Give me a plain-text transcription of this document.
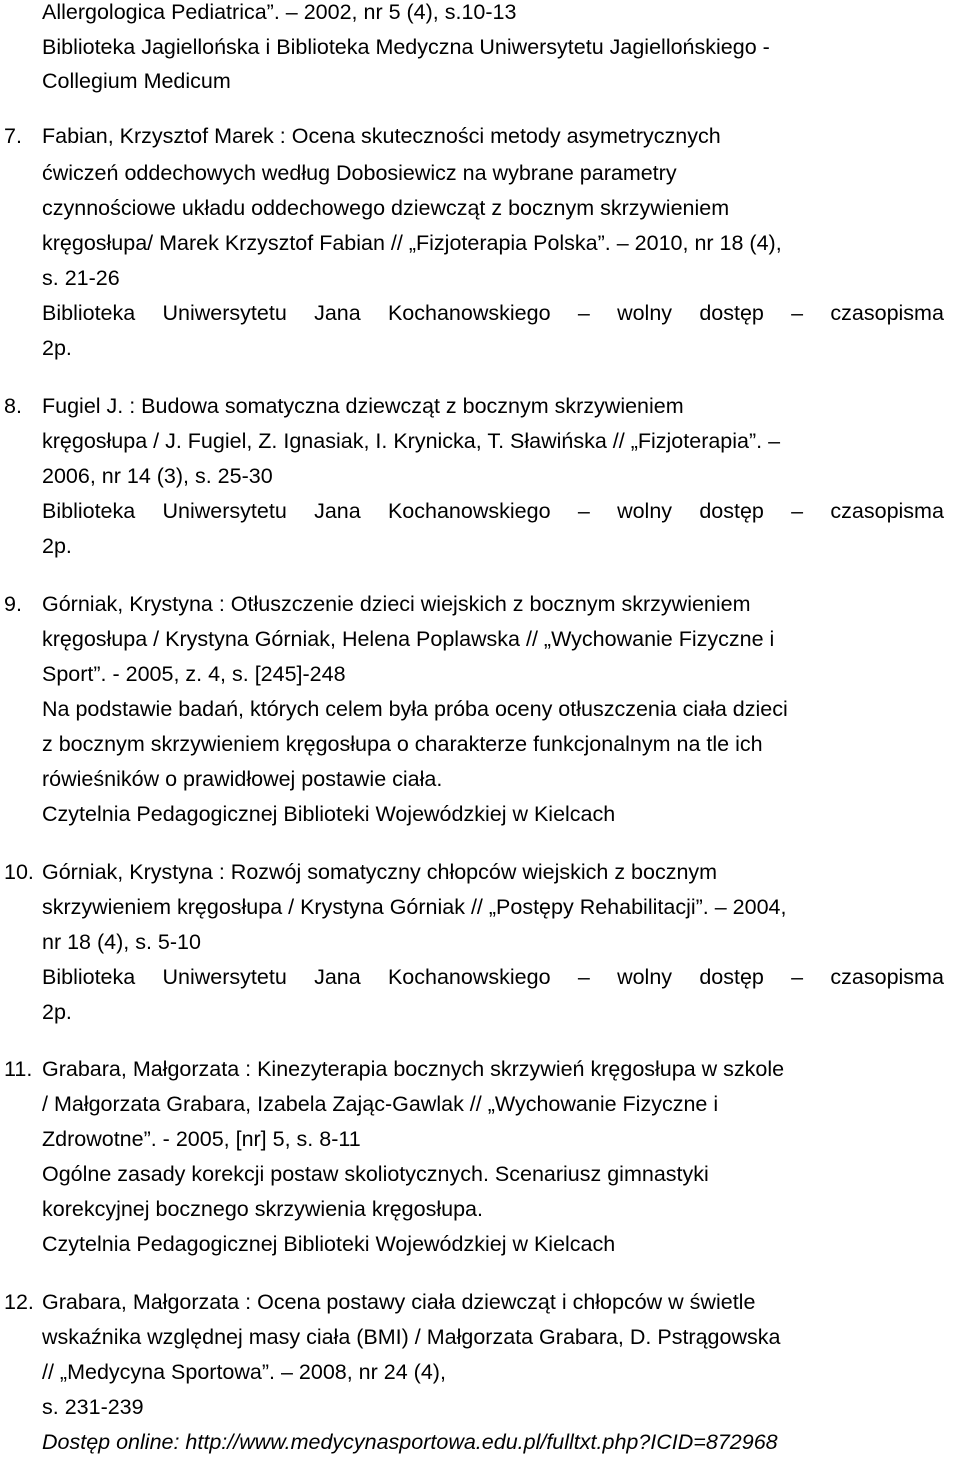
Allergologica Pediatrica”. – 2002, nr 5 (4), s.10-13
Biblioteka Jagiellońska i Biblioteka Medyczna Uniwersytetu Jagiellońskiego -
Collegium Medicum
7. Fabian, Krzysztof Marek : Ocena skuteczności metody asymetrycznych
ćwiczeń oddechowych według Dobosiewicz na wybrane parametry
czynnościowe układu oddechowego dziewcząt z bocznym skrzywieniem
kręgosłupa/ Marek Krzysztof Fabian // „Fizjoterapia Polska”. – 2010, nr 18 (4),
s. 21-26
Biblioteka Uniwersytetu Jana Kochanowskiego – wolny dostęp – czasopisma
2p.
8. Fugiel J. : Budowa somatyczna dziewcząt z bocznym skrzywieniem
kręgosłupa / J. Fugiel, Z. Ignasiak, I. Krynicka, T. Sławińska // „Fizjoterapia”. –
2006, nr 14 (3), s. 25-30
Biblioteka Uniwersytetu Jana Kochanowskiego – wolny dostęp – czasopisma
2p.
9. Górniak, Krystyna : Otłuszczenie dzieci wiejskich z bocznym skrzywieniem
kręgosłupa / Krystyna Górniak, Helena Poplawska // „Wychowanie Fizyczne i
Sport”. - 2005, z. 4, s. [245]-248
Na podstawie badań, których celem była próba oceny otłuszczenia ciała dzieci
z bocznym skrzywieniem kręgosłupa o charakterze funkcjonalnym na tle ich
rówieśników o prawidłowej postawie ciała.
Czytelnia Pedagogicznej Biblioteki Wojewódzkiej w Kielcach
10. Górniak, Krystyna : Rozwój somatyczny chłopców wiejskich z bocznym
skrzywieniem kręgosłupa / Krystyna Górniak // „Postępy Rehabilitacji”. – 2004,
nr 18 (4), s. 5-10
Biblioteka Uniwersytetu Jana Kochanowskiego – wolny dostęp – czasopisma
2p.
11. Grabara, Małgorzata : Kinezyterapia bocznych skrzywień kręgosłupa w szkole
/ Małgorzata Grabara, Izabela Zając-Gawlak // „Wychowanie Fizyczne i
Zdrowotne”. - 2005, [nr] 5, s. 8-11
Ogólne zasady korekcji postaw skoliotycznych. Scenariusz gimnastyki
korekcyjnej bocznego skrzywienia kręgosłupa.
Czytelnia Pedagogicznej Biblioteki Wojewódzkiej w Kielcach
12. Grabara, Małgorzata : Ocena postawy ciała dziewcząt i chłopców w świetle
wskaźnika względnej masy ciała (BMI) / Małgorzata Grabara, D. Pstrągowska
// „Medycyna Sportowa”. – 2008, nr 24 (4),
s. 231-239
Dostęp online: http://www.medycynasportowa.edu.pl/fulltxt.php?ICID=872968
